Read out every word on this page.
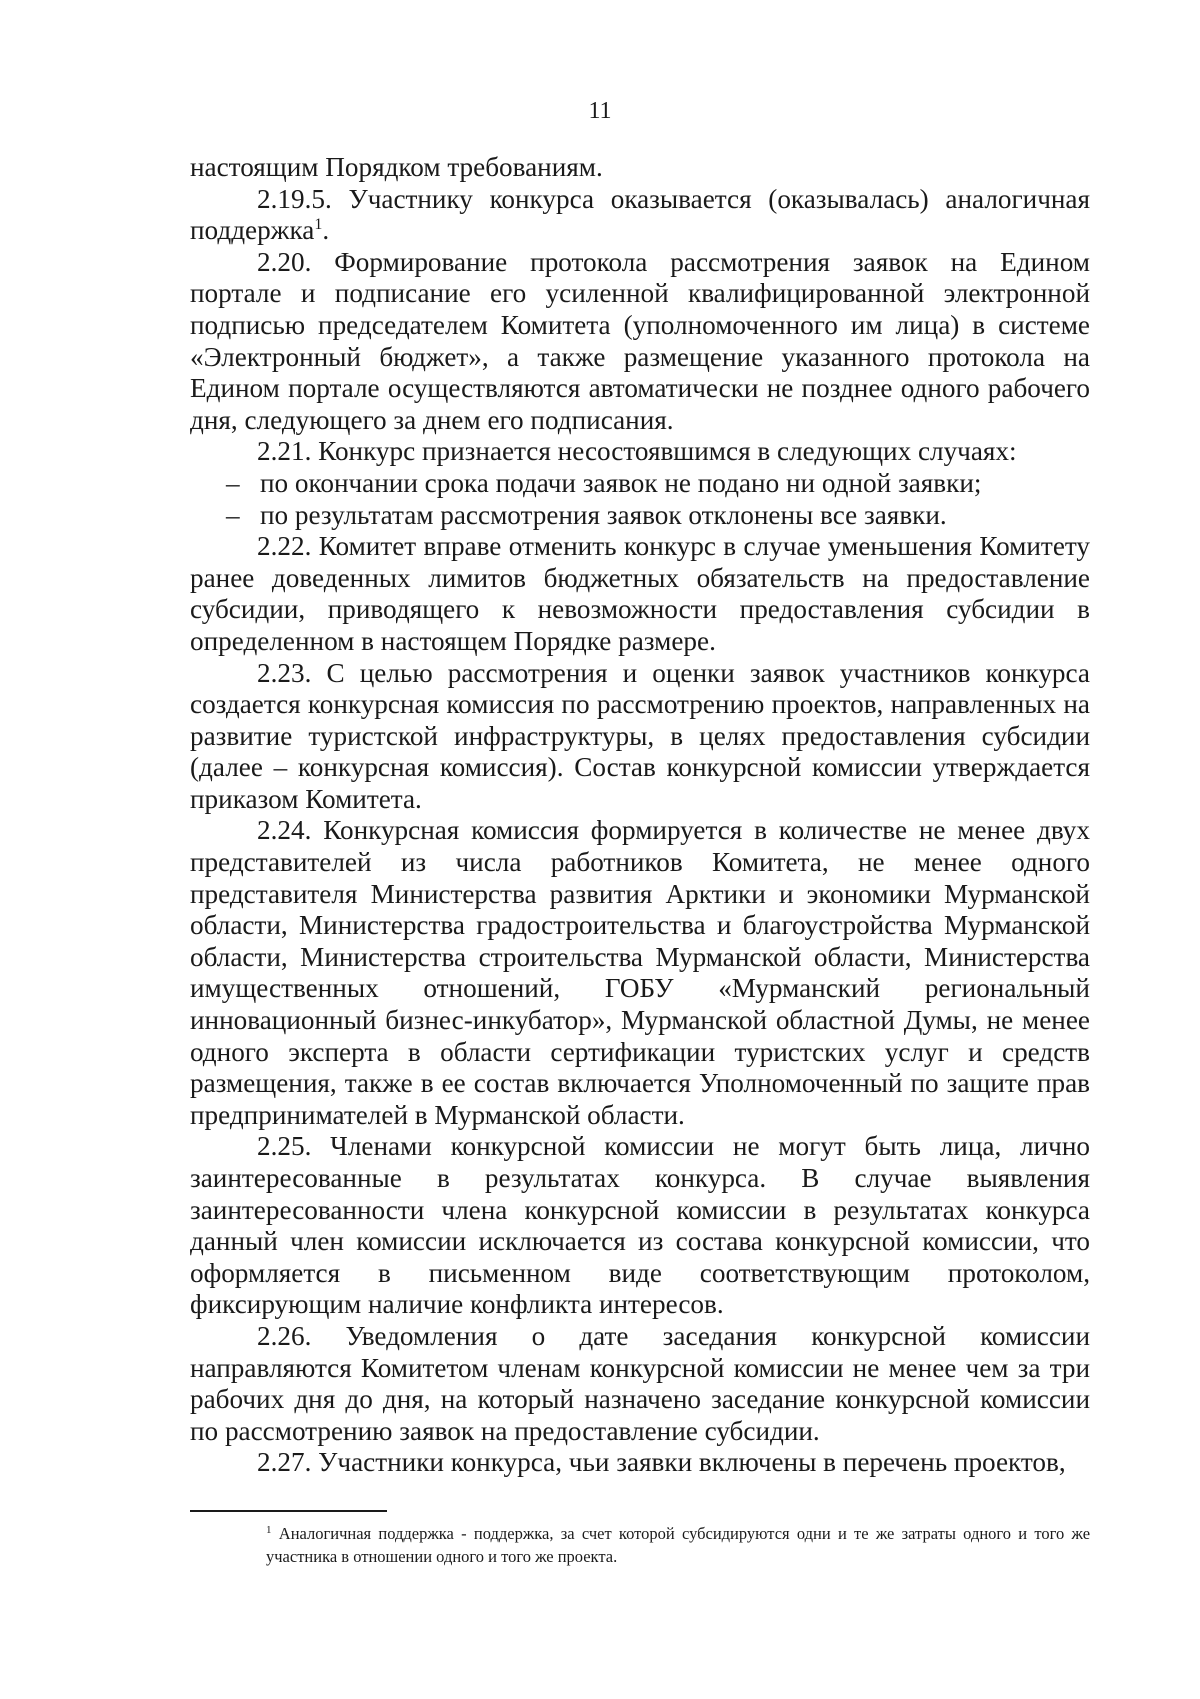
11

настоящим Порядком требованиям.

2.19.5. Участнику конкурса оказывается (оказывалась) аналогичная поддержка$^1$.

2.20. Формирование протокола рассмотрения заявок на Едином портале и подписание его усиленной квалифицированной электронной подписью председателем Комитета (уполномоченного им лица) в системе «Электронный бюджет», а также размещение указанного протокола на Едином портале осуществляются автоматически не позднее одного рабочего дня, следующего за днем его подписания.

2.21. Конкурс признается несостоявшимся в следующих случаях:

– по окончании срока подачи заявок не подано ни одной заявки;

– по результатам рассмотрения заявок отклонены все заявки.

2.22. Комитет вправе отменить конкурс в случае уменьшения Комитету ранее доведенных лимитов бюджетных обязательств на предоставление субсидии, приводящего к невозможности предоставления субсидии в определенном в настоящем Порядке размере.

2.23. С целью рассмотрения и оценки заявок участников конкурса создается конкурсная комиссия по рассмотрению проектов, направленных на развитие туристской инфраструктуры, в целях предоставления субсидии (далее – конкурсная комиссия). Состав конкурсной комиссии утверждается приказом Комитета.

2.24. Конкурсная комиссия формируется в количестве не менее двух представителей из числа работников Комитета, не менее одного представителя Министерства развития Арктики и экономики Мурманской области, Министерства градостроительства и благоустройства Мурманской области, Министерства строительства Мурманской области, Министерства имущественных отношений, ГОБУ «Мурманский региональный инновационный бизнес-инкубатор», Мурманской областной Думы, не менее одного эксперта в области сертификации туристских услуг и средств размещения, также в ее состав включается Уполномоченный по защите прав предпринимателей в Мурманской области.

2.25. Членами конкурсной комиссии не могут быть лица, лично заинтересованные в результатах конкурса. В случае выявления заинтересованности члена конкурсной комиссии в результатах конкурса данный член комиссии исключается из состава конкурсной комиссии, что оформляется в письменном виде соответствующим протоколом, фиксирующим наличие конфликта интересов.

2.26. Уведомления о дате заседания конкурсной комиссии направляются Комитетом членам конкурсной комиссии не менее чем за три рабочих дня до дня, на который назначено заседание конкурсной комиссии по рассмотрению заявок на предоставление субсидии.

2.27. Участники конкурса, чьи заявки включены в перечень проектов,

$^1$ Аналогичная поддержка - поддержка, за счет которой субсидируются одни и те же затраты одного и того же участника в отношении одного и того же проекта.
